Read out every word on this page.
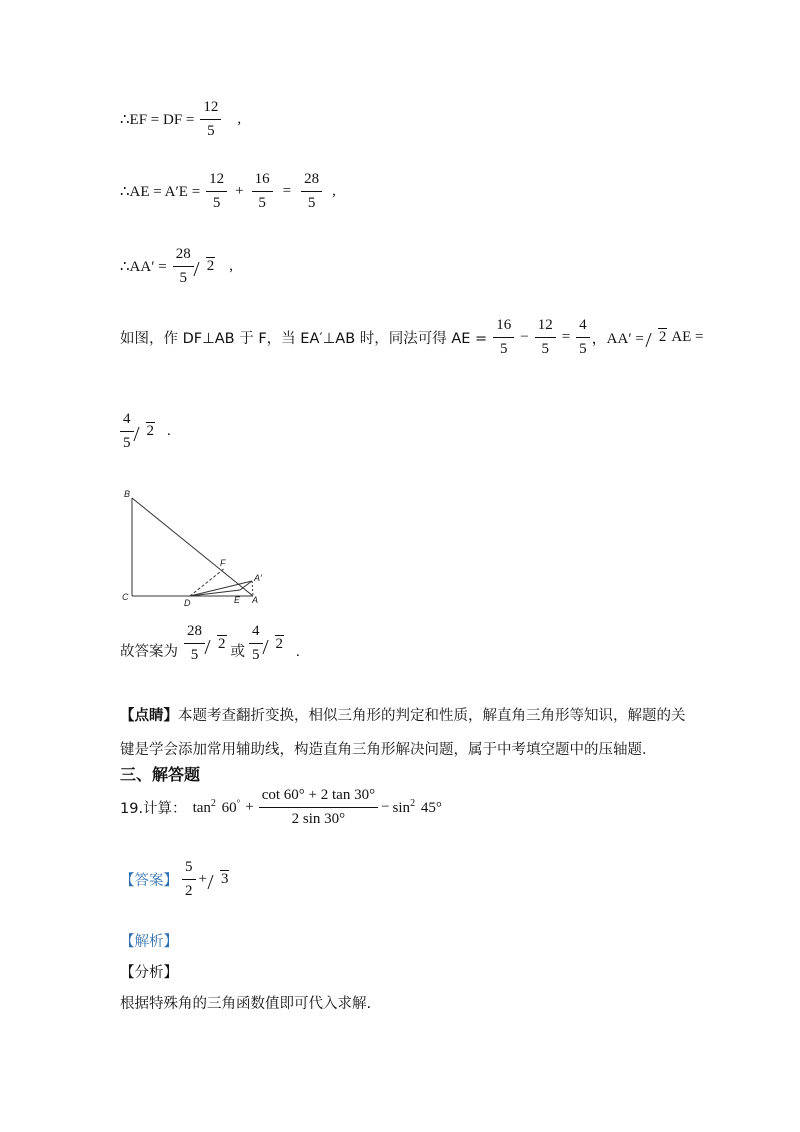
∴EF = DF = $\frac{12}{5}$ ,
∴AE = $A'E = \frac{12}{5} + \frac{16}{5} = \frac{28}{5}$ ,
∴AA′ = $\frac{28}{5} 2$ ,
如图，作 DF⊥AB 于 F，当 EA′⊥AB 时，同法可得 AE = $\frac{16}{5} - \frac{12}{5} = \frac{4}{5}$ ，AA′ =	2 AE =
$\frac{4}{5} 2$ .
B
C
D
F
E A
A′
故答案为 $\frac{28}{5} 2$ 或 $\frac{4}{5} 2$ .
【点睛】本题考查翻折变换，相似三角形的判定和性质，解直角三角形等知识，解题的关
键是学会添加常用辅助线，构造直角三角形解决问题，属于中考填空题中的压轴题．
三、解答题
19.计算： $\tan^2 60^\circ + \frac{\cot 60^\circ + 2 \tan 30^\circ}{2 \sin 30^\circ} - \sin^2 45^\circ$
【答案】 $\frac{5}{2} + 3$
【解析】
【分析】
根据特殊角的三角函数值即可代入求解.
